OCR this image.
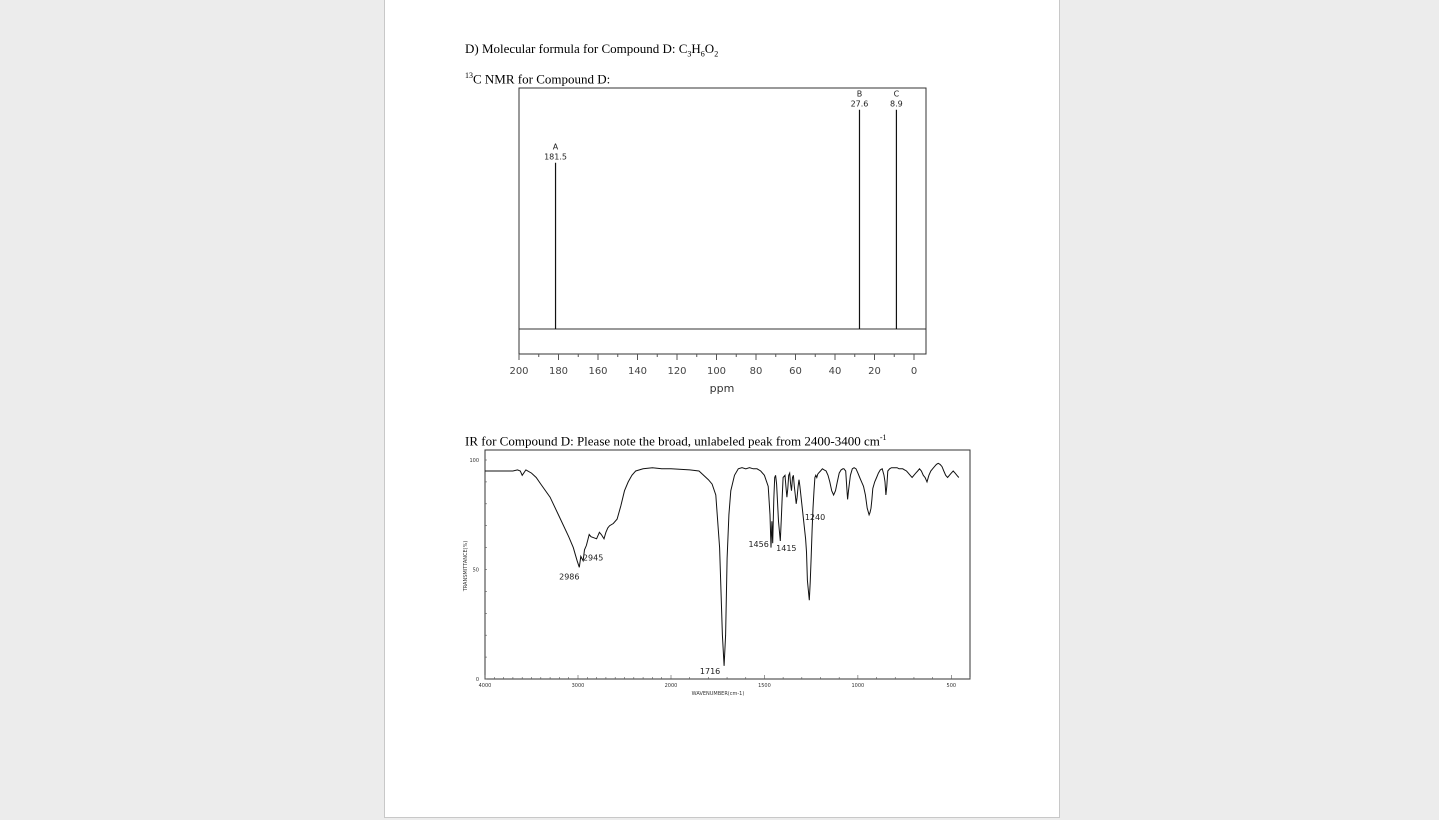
D) Molecular formula for Compound D: $C_3H_6O_2$
$^{13}$C NMR for Compound D:
IR for Compound D: Please note the broad, unlabeled peak from 2400-3400 $cm^{-1}$
200 180 160 140 120 100 80	60	40	20	0
A
181.5
B
27.6
C
8.9
ppm
4000	3000	2000	1500	1000	500
0
50
100
2986
2945
1716
1456 1415
1240
WAVENUMBER(cm-1)
TRANSMITTANCE(%)
